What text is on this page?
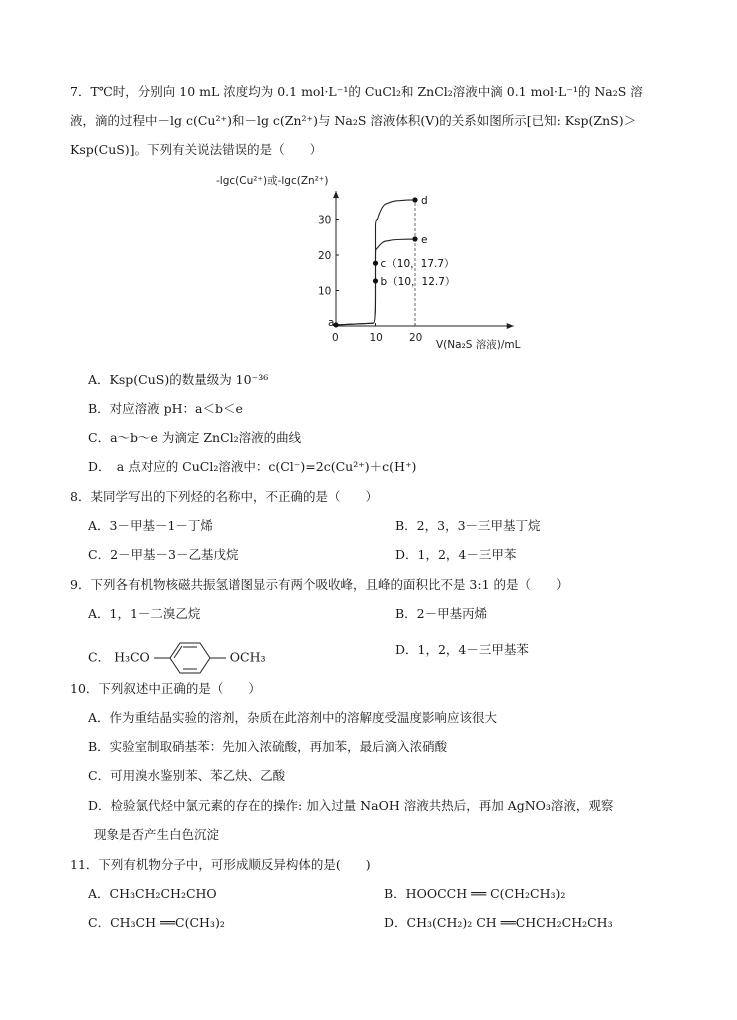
7．T℃时，分别向 10 mL 浓度均为 0.1 mol·L⁻¹的 CuCl₂和 ZnCl₂溶液中滴 0.1 mol·L⁻¹的 Na₂S 溶
液，滴的过程中－lg c(Cu²⁺)和－lg c(Zn²⁺)与 Na₂S 溶液体积(V)的关系如图所示[已知: Ksp(ZnS)＞
Ksp(CuS)]。下列有关说法错误的是（　　）
-lgc(Cu²⁺)或-lgc(Zn²⁺)
V(Na₂S 溶液)/mL
0	10 20
10
20
30
a
b（10，12.7）
c（10，17.7）
d
e
A．Ksp(CuS)的数量级为 10⁻³⁶
B．对应溶液 pH：a＜b＜e
C．a～b～e 为滴定 ZnCl₂溶液的曲线
D．　a 点对应的 CuCl₂溶液中：c(Cl⁻)=2c(Cu²⁺)＋c(H⁺)
8．某同学写出的下列烃的名称中，不正确的是（　　）
A．3－甲基－1－丁烯	B．2，3，3－三甲基丁烷
C．2－甲基－3－乙基戊烷	D．1，2，4－三甲苯
9．下列各有机物核磁共振氢谱图显示有两个吸收峰，且峰的面积比不是 3:1 的是（　　）
A．1，1－二溴乙烷	B．2－甲基丙烯
C． H₃CO	OCH₃	D．1，2，4－三甲基苯
10．下列叙述中正确的是（　　）
A．作为重结晶实验的溶剂，杂质在此溶剂中的溶解度受温度影响应该很大
B．实验室制取硝基苯：先加入浓硫酸，再加苯，最后滴入浓硝酸
C．可用溴水鉴别苯、苯乙炔、乙酸
D．检验氯代烃中氯元素的存在的操作: 加入过量 NaOH 溶液共热后，再加 AgNO₃溶液，观察
现象是否产生白色沉淀
11．下列有机物分子中，可形成顺反异构体的是(　　)
A．CH₃CH₂CH₂CHO	B．HOOCCH ══ C(CH₂CH₃)₂
C．CH₃CH ══C(CH₃)₂	D．CH₃(CH₂)₂ CH ══CHCH₂CH₂CH₃
